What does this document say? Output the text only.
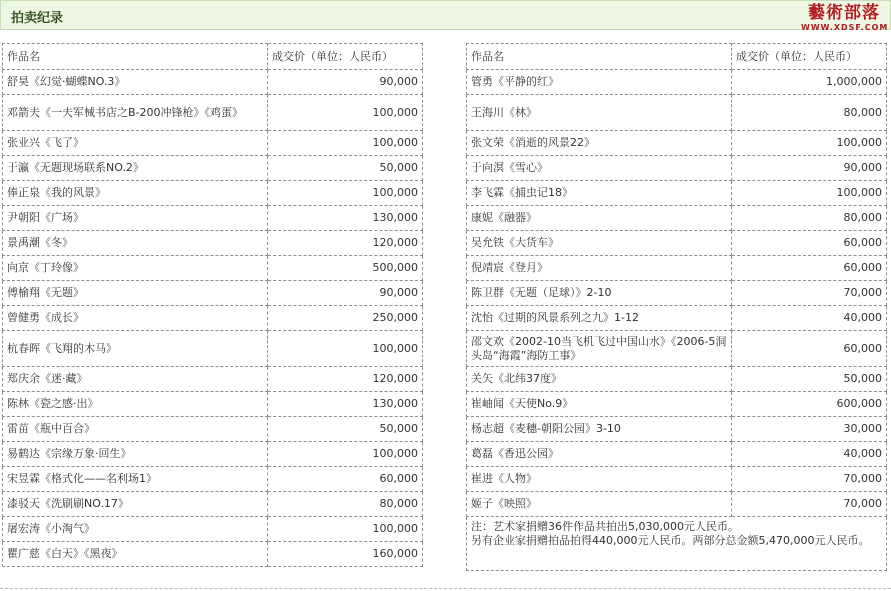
拍卖纪录	藝術部落
WWW.XDSF.COM
作品名	成交价（单位：人民币）
舒昊《幻觉·蝴蝶NO.3》	90,000
邓箭夫《一夫军械书店之B-200冲锋枪》《鸡蛋》	100,000
张业兴《飞了》	100,000
于瀛《无题现场联系NO.2》	50,000
俸正泉《我的风景》	100,000
尹朝阳《广场》	130,000
景禹潮《冬》	120,000
向京《丁玲像》	500,000
傅榆翔《无题》	90,000
曾健勇《成长》	250,000
杭春晖《飞翔的木马》	100,000
郑庆余《迷·藏》	120,000
陈林《瓷之感·出》	130,000
雷苗《瓶中百合》	50,000
易鹤达《宗缘万象·回生》	100,000
宋昱霖《格式化——名利场1》	60,000
漆驳天《洗刷刷NO.17》	80,000
屠宏涛《小淘气》	100,000
瞿广慈《白天》《黑夜》	160,000
作品名	成交价（单位：人民币）
管勇《平静的红》	1,000,000
王海川《林》	80,000
张文荣《消逝的风景22》	100,000
于向溟《雪心》	90,000
李飞霖《捕虫记18》	100,000
康妮《融器》	80,000
吴允铁《大货车》	60,000
倪靖宸《登月》	60,000
陈卫群《无题（足球）》2-10	70,000
沈怡《过期的风景系列之九》1-12	40,000
邵文欢《2002-10当飞机飞过中国山水》《2006-5洞头岛“海霞”海防工事》	60,000
关矢《北纬37度》	50,000
崔岫闻《天使No.9》	600,000
杨志超《麦穗-朝阳公园》3-10	30,000
葛磊《香迅公园》	40,000
崔进《人物》	70,000
姬子《映照》	70,000

注：艺术家捐赠36件作品共拍出5,030,000元人民币。
另有企业家捐赠拍品拍得440,000元人民币。两部分总金额5,470,000元人民币。	
